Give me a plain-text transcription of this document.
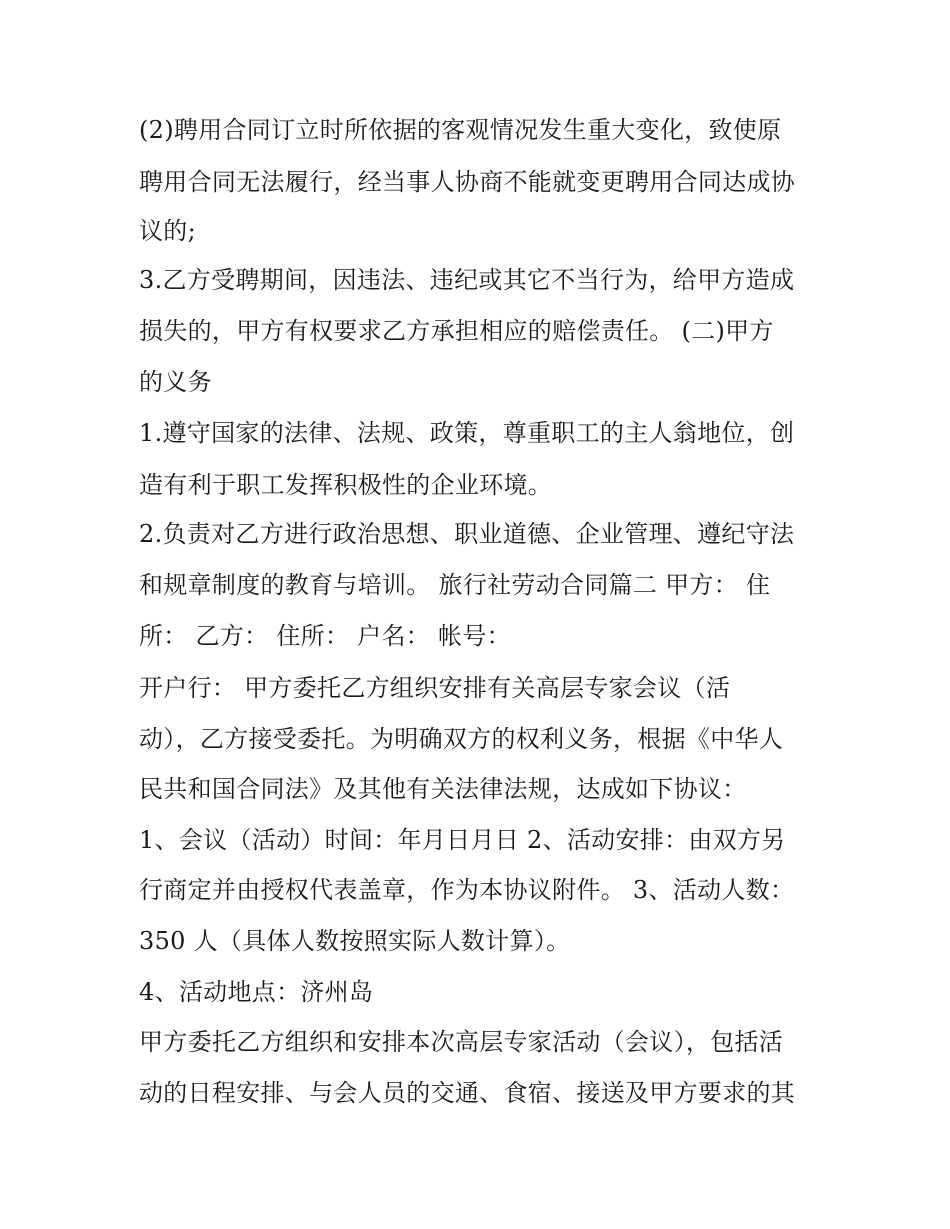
(2)聘用合同订立时所依据的客观情况发生重大变化，致使原
聘用合同无法履行，经当事人协商不能就变更聘用合同达成协
议的;
3.乙方受聘期间，因违法、违纪或其它不当行为，给甲方造成
损失的，甲方有权要求乙方承担相应的赔偿责任。 (二)甲方
的义务
1.遵守国家的法律、法规、政策，尊重职工的主人翁地位，创
造有利于职工发挥积极性的企业环境。
2.负责对乙方进行政治思想、职业道德、企业管理、遵纪守法
和规章制度的教育与培训。 旅行社劳动合同篇二 甲方： 住
所： 乙方： 住所： 户名： 帐号：
开户行： 甲方委托乙方组织安排有关高层专家会议（活
动），乙方接受委托。为明确双方的权利义务，根据《中华人
民共和国合同法》及其他有关法律法规，达成如下协议：
1、会议（活动）时间：年月日月日 2、活动安排：由双方另
行商定并由授权代表盖章，作为本协议附件。 3、活动人数：
350 人（具体人数按照实际人数计算）。
4、活动地点：济州岛
甲方委托乙方组织和安排本次高层专家活动（会议），包括活
动的日程安排、与会人员的交通、食宿、接送及甲方要求的其
